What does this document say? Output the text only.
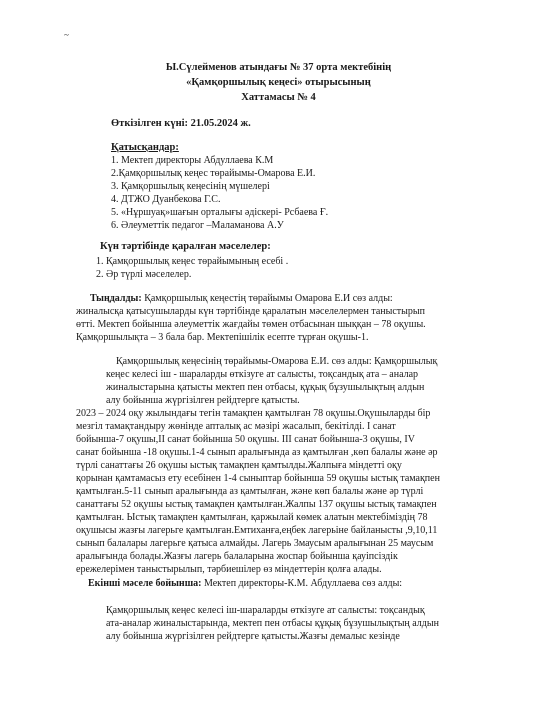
~
Ы.Сүлейменов атындағы № 37 орта мектебінің
«Қамқоршылық кеңесі» отырысының
Хаттамасы № 4
Өткізілген күні: 21.05.2024 ж.
Қатысқандар:
1. Мектеп директоры Абдуллаева К.М
2.Қамқоршылық кеңес төрайымы-Омарова Е.И.
3. Қамқоршылық кеңесінің мүшелері
4. ДТЖО Дуанбекова Г.С.
5. «Нұршуақ»шағын орталығы әдіскері- Рсбаева Ғ.
6. Әлеуметтік педагог –Маламанова А.У
Күн тәртібінде қаралған мәселелер:
1. Қамқоршылық кеңес төрайымының есебі .
2. Әр түрлі мәселелер.
Тыңдалды: Қамқоршылық кеңестің төрайымы Омарова Е.И сөз алды:
жиналысқа қатысушыларды күн тәртібінде қаралатын мәселелермен таныстырып
өтті. Мектеп бойынша әлеуметтік жағдайы төмен отбасынан шыққан – 78 оқушы.
Қамқоршылықта – 3 бала бар. Мектепішілік есепте тұрған оқушы-1.
Қамқоршылық кеңесінің төрайымы-Омарова Е.И. сөз алды: Қамқоршылық
кеңес келесі іш - шараларды өткізуге ат салысты, тоқсандық ата – аналар
жиналыстарына қатысты мектеп пен отбасы, құқық бұзушылықтың алдын
алу бойынша жүргізілген рейдтерге қатысты.
2023 – 2024 оқу жылындағы тегін тамақпен қамтылған 78 оқушы.Оқушыларды бір
мезгіл тамақтандыру жөнінде апталық ас мәзірі жасалып, бекітілді. I санат
бойынша-7 оқушы,II санат бойынша 50 оқушы. III санат бойынша-3 оқушы, IV
санат бойынша -18 оқушы.1-4 сынып аралығында аз қамтылған ,көп балалы және әр
түрлі санаттағы 26 оқушы ыстық тамақпен қамтылды.Жалпыға міндетті оқу
қорынан қамтамасыз ету есебінен 1-4 сыныптар бойынша 59 оқушы ыстық тамақпен
қамтылған.5-11 сынып аралығында аз қамтылған, және көп балалы және әр түрлі
санаттағы 52 оқушы ыстық тамақпен қамтылған.Жалпы 137 оқушы ыстық тамақпен
қамтылған. Ыстық тамақпен қамтылған, қаржылай көмек алатын мектебіміздің 78
оқушысы жазғы лагерьге қамтылған.Емтиханға,еңбек лагерьіне байланысты ,9,10,11
сынып балалары лагерьге қатыса алмайды. Лагерь 3маусым аралығынан 25 маусым
аралығында болады.Жазғы лагерь балаларына жоспар бойынша қауіпсіздік
ережелерімен таныстырылып, тәрбиешілер өз міндеттерін қолға алады.
Екінші мәселе бойынша: Мектеп директоры-К.М. Абдуллаева сөз алды:
Қамқоршылық кеңес келесі іш-шараларды өткізуге ат салысты: тоқсандық
ата-аналар жиналыстарында, мектеп пен отбасы құқық бұзушылықтың алдын
алу бойынша жүргізілген рейдтерге қатысты.Жазғы демалыс кезінде
